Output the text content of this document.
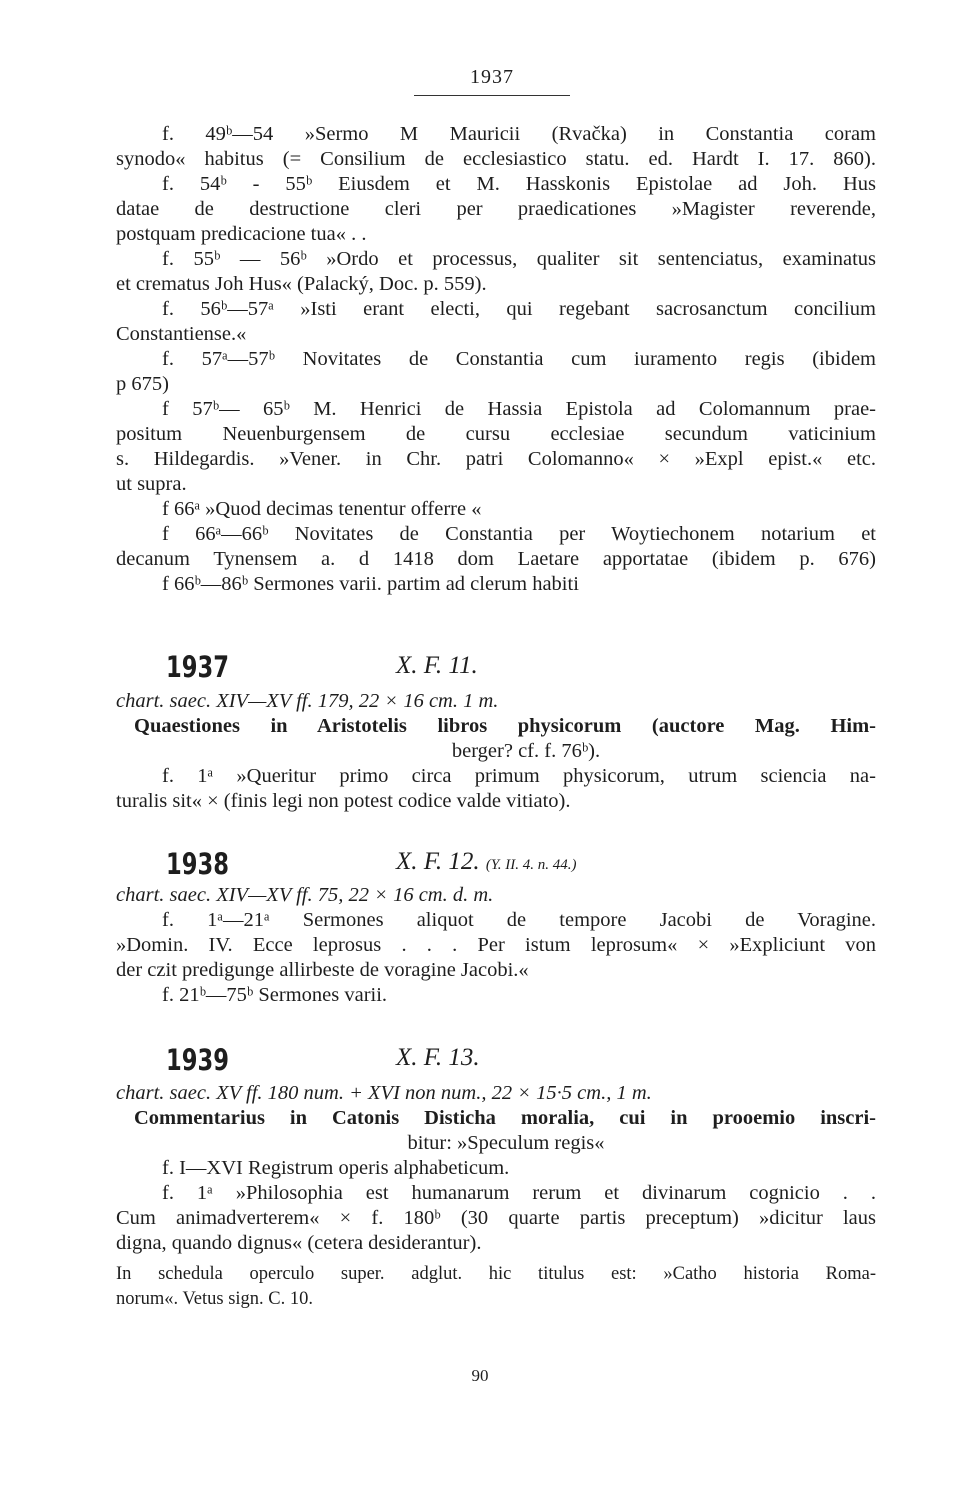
1937
f. 49ᵇ—54 »Sermo M Mauricii (Rvačka) in Constantia coram
synodo« habitus (= Consilium de ecclesiastico statu. ed. Hardt I. 17. 860).
f. 54ᵇ - 55ᵇ Eiusdem et M. Hasskonis Epistolae ad Joh. Hus
datae de destructione cleri per praedicationes »Magister reverende,
postquam predicacione tua« . .
f. 55ᵇ — 56ᵇ »Ordo et processus, qualiter sit sentenciatus, examinatus
et crematus Joh Hus« (Palacký, Doc. p. 559).
f. 56ᵇ—57ᵃ »Isti erant electi, qui regebant sacrosanctum concilium
Constantiense.«
f. 57ᵃ—57ᵇ Novitates de Constantia cum iuramento regis (ibidem
p 675)
f 57ᵇ— 65ᵇ M. Henrici de Hassia Epistola ad Colomannum prae-
positum Neuenburgensem de cursu ecclesiae secundum vaticinium
s. Hildegardis. »Vener. in Chr. patri Colomanno« × »Expl epist.« etc.
ut supra.
f 66ᵃ »Quod decimas tenentur offerre «
f 66ᵃ—66ᵇ Novitates de Constantia per Woytiechonem notarium et
decanum Tynensem a. d 1418 dom Laetare apportatae (ibidem p. 676)
f 66ᵇ—86ᵇ Sermones varii. partim ad clerum habiti
1937	X. F. 11.
chart. saec. XIV—XV ff. 179, 22 × 16 cm. 1 m.
Quaestiones in Aristotelis libros physicorum (auctore Mag. Him-
berger? cf. f. 76ᵇ).
f. 1ᵃ »Queritur primo circa primum physicorum, utrum sciencia na-
turalis sit« × (finis legi non potest codice valde vitiato).
1938	X. F. 12. (Y. II. 4. n. 44.)
chart. saec. XIV—XV ff. 75, 22 × 16 cm. d. m.
f. 1ᵃ—21ᵃ Sermones aliquot de tempore Jacobi de Voragine.
»Domin. IV. Ecce leprosus . . . Per istum leprosum« × »Expliciunt von
der czit predigunge allirbeste de voragine Jacobi.«
f. 21ᵇ—75ᵇ Sermones varii.
1939	X. F. 13.
chart. saec. XV ff. 180 num. + XVI non num., 22 × 15·5 cm., 1 m.
Commentarius in Catonis Disticha moralia, cui in prooemio inscri-
bitur: »Speculum regis«
f. I—XVI Registrum operis alphabeticum.
f. 1ᵃ »Philosophia est humanarum rerum et divinarum cognicio . .
Cum animadverterem« × f. 180ᵇ (30 quarte partis preceptum) »dicitur laus
digna, quando dignus« (cetera desiderantur).
In schedula operculo super. adglut. hic titulus est: »Catho historia Roma-
norum«. Vetus sign. C. 10.
90
